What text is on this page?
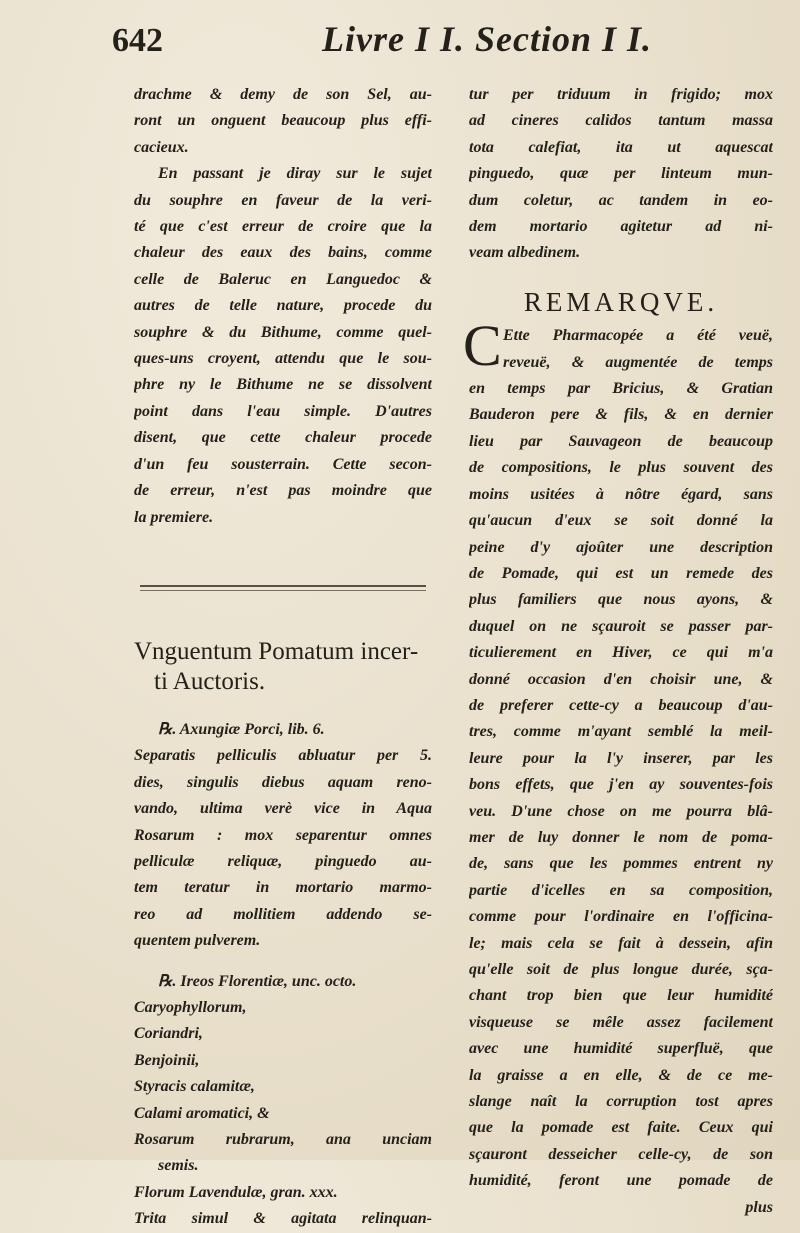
642	Livre I I. Section I I.
drachme & demy de son Sel, au-
ront un onguent beaucoup plus effi-
cacieux.
En passant je diray sur le sujet
du souphre en faveur de la veri-
té que c'est erreur de croire que la
chaleur des eaux des bains, comme
celle de Baleruc en Languedoc &
autres de telle nature, procede du
souphre & du Bithume, comme quel-
ques-uns croyent, attendu que le sou-
phre ny le Bithume ne se dissolvent
point dans l'eau simple. D'autres
disent, que cette chaleur procede
d'un feu sousterrain. Cette secon-
de erreur, n'est pas moindre que
la premiere.
Vnguentum Pomatum incer-
ti Auctoris.
℞. Axungiæ Porci, lib. 6.
Separatis pelliculis abluatur per 5.
dies, singulis diebus aquam reno-
vando, ultima verè vice in Aqua
Rosarum : mox separentur omnes
pelliculæ reliquæ, pinguedo au-
tem teratur in mortario marmo-
reo ad mollitiem addendo se-
quentem pulverem.
℞. Ireos Florentiæ, unc. octo.
Caryophyllorum,
Coriandri,
Benjoinii,
Styracis calamitæ,
Calami aromatici, &
Rosarum rubrarum, ana unciam
semis.
Florum Lavendulæ, gran. xxx.
Trita simul & agitata relinquan-
tur per triduum in frigido; mox
ad cineres calidos tantum massa
tota calefiat, ita ut aquescat
pinguedo, quæ per linteum mun-
dum coletur, ac tandem in eo-
dem mortario agitetur ad ni-
veam albedinem.
REMARQVE.
C Ette Pharmacopée a été veuë,
reveuë, & augmentée de temps
en temps par Bricius, & Gratian
Bauderon pere & fils, & en dernier
lieu par Sauvageon de beaucoup
de compositions, le plus souvent des
moins usitées à nôtre égard, sans
qu'aucun d'eux se soit donné la
peine d'y ajoûter une description
de Pomade, qui est un remede des
plus familiers que nous ayons, &
duquel on ne sçauroit se passer par-
ticulierement en Hiver, ce qui m'a
donné occasion d'en choisir une, &
de preferer cette-cy a beaucoup d'au-
tres, comme m'ayant semblé la meil-
leure pour la l'y inserer, par les
bons effets, que j'en ay souventes-fois
veu. D'une chose on me pourra blâ-
mer de luy donner le nom de poma-
de, sans que les pommes entrent ny
partie d'icelles en sa composition,
comme pour l'ordinaire en l'officina-
le; mais cela se fait à dessein, afin
qu'elle soit de plus longue durée, sça-
chant trop bien que leur humidité
visqueuse se mêle assez facilement
avec une humidité superfluë, que
la graisse a en elle, & de ce me-
slange naît la corruption tost apres
que la pomade est faite. Ceux qui
sçauront desseicher celle-cy, de son
humidité, feront une pomade de
plus
